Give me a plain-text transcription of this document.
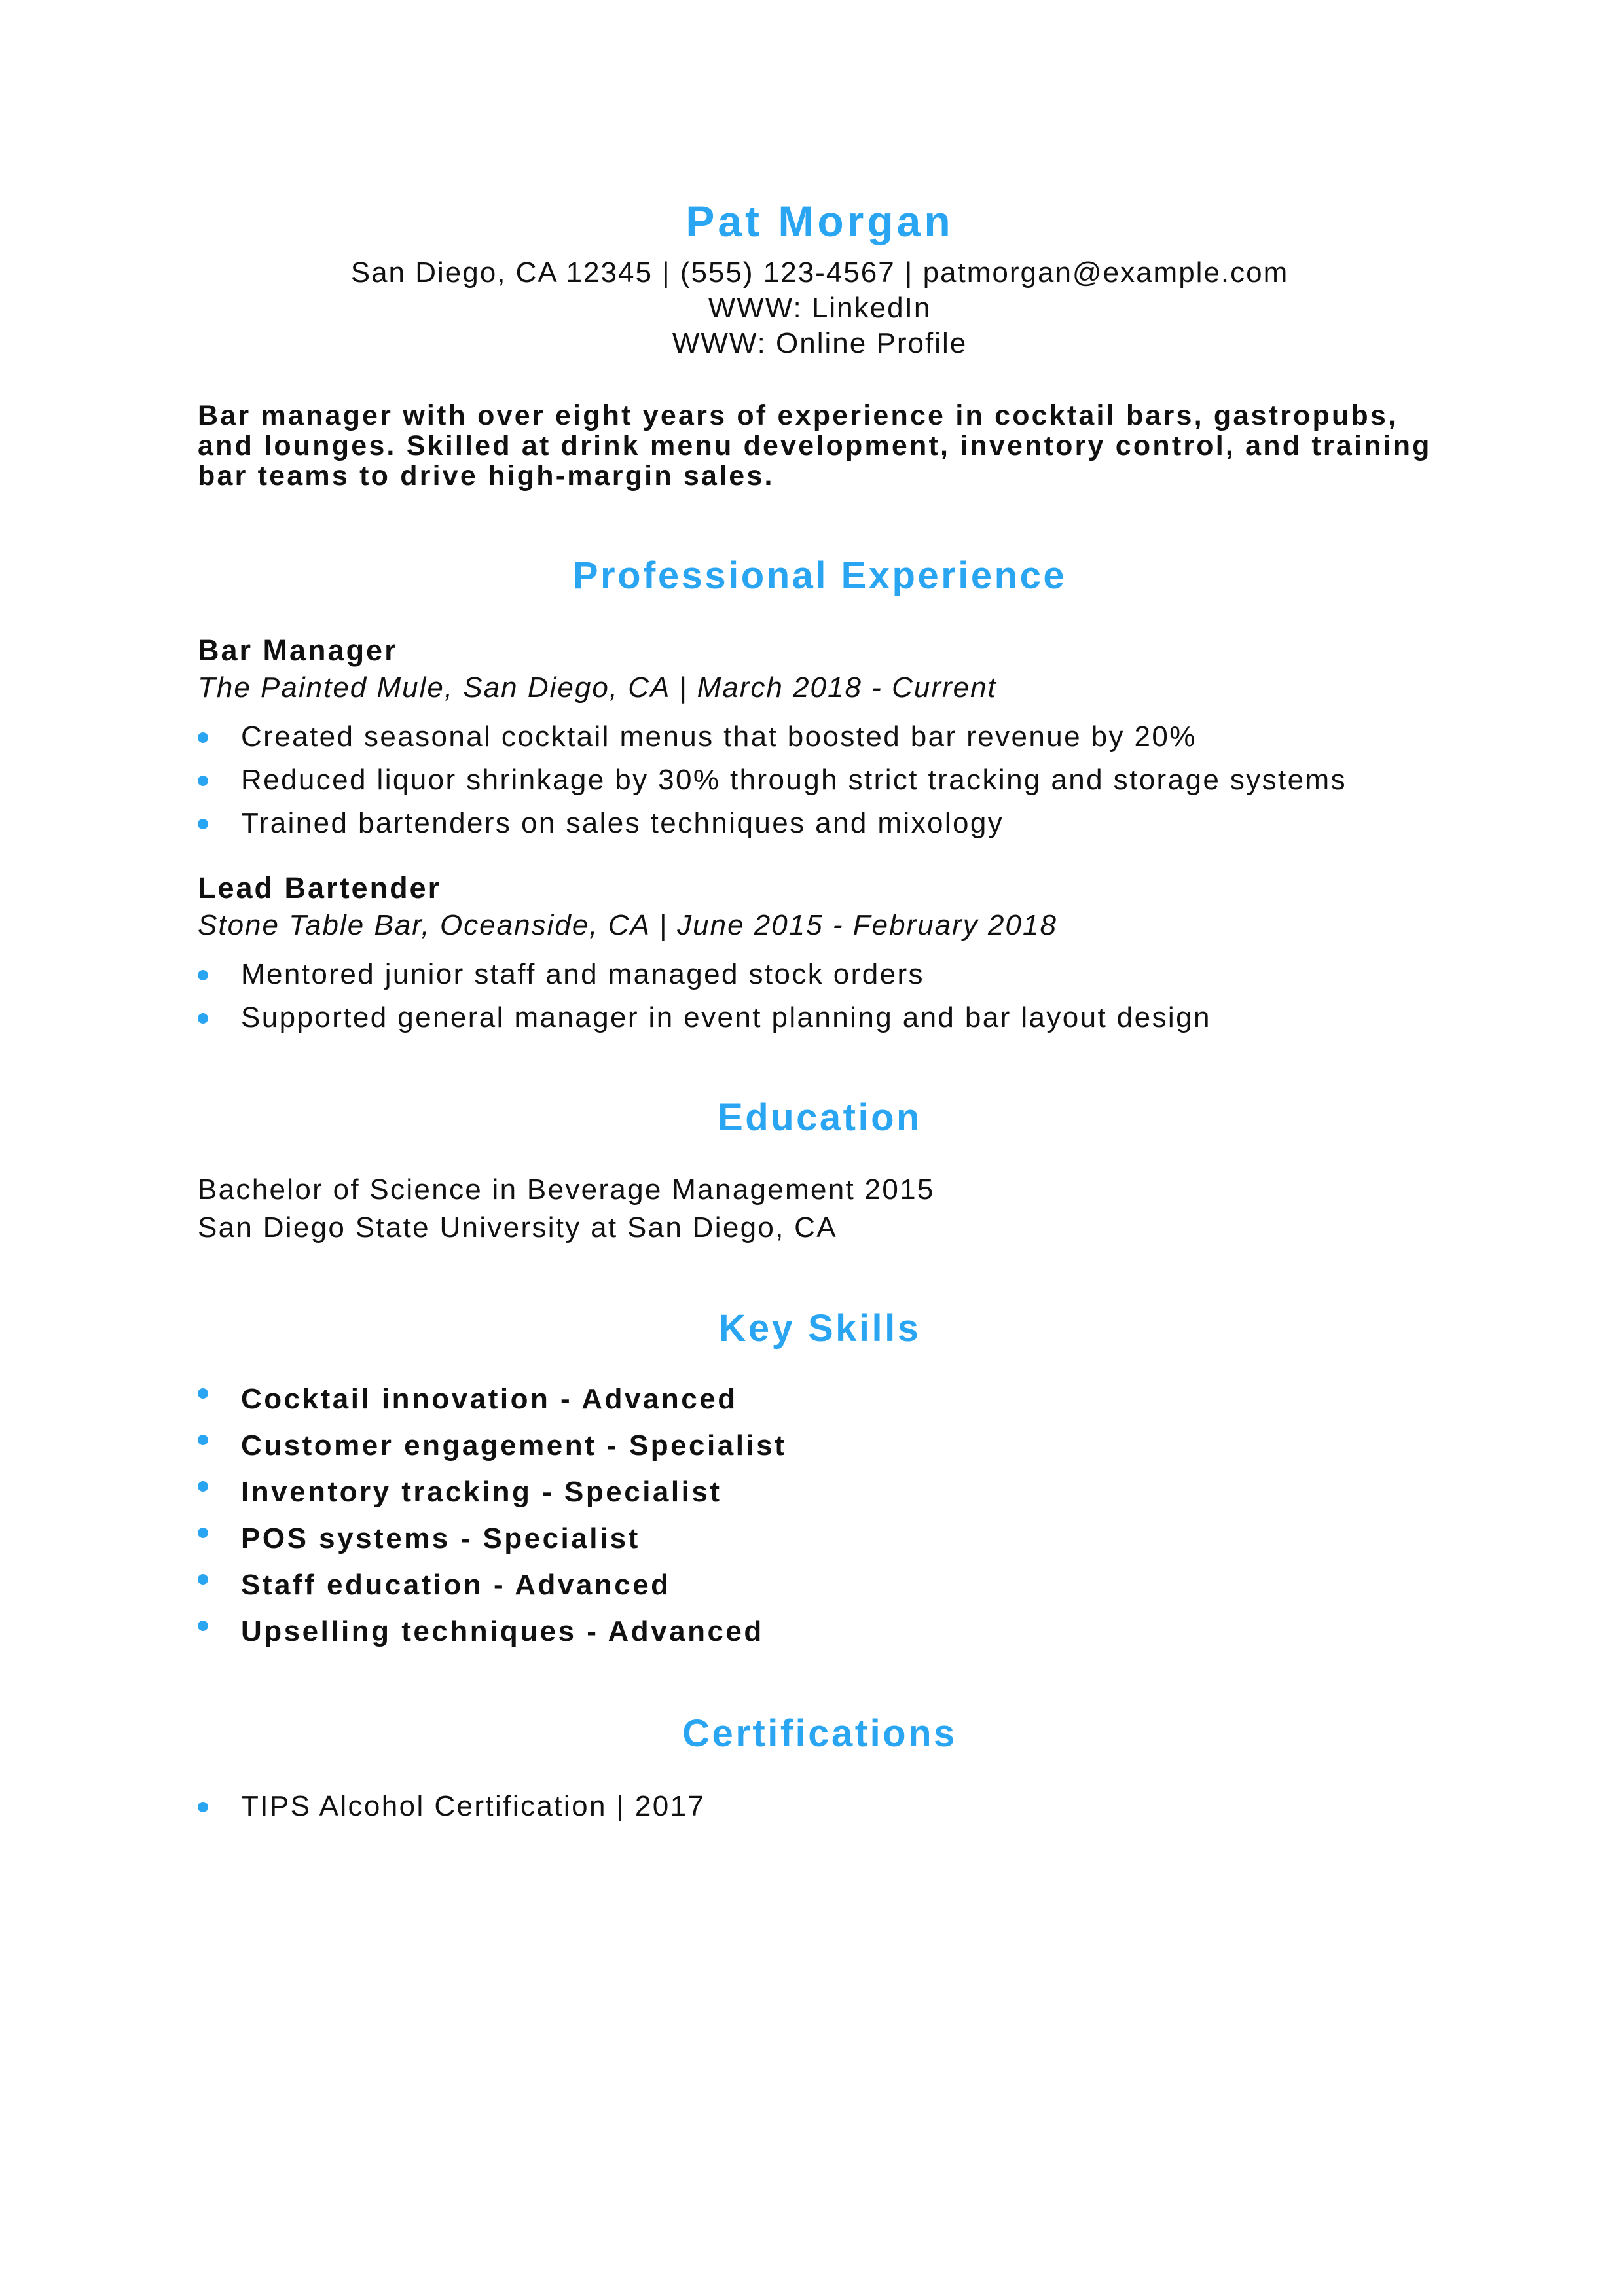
Pat Morgan
San Diego, CA 12345 | (555) 123-4567 | patmorgan@example.com
WWW: LinkedIn
WWW: Online Profile
Bar manager with over eight years of experience in cocktail bars, gastropubs, and lounges. Skilled at drink menu development, inventory control, and training bar teams to drive high-margin sales.
Professional Experience
Bar Manager
The Painted Mule, San Diego, CA | March 2018 - Current
Created seasonal cocktail menus that boosted bar revenue by 20%
Reduced liquor shrinkage by 30% through strict tracking and storage systems
Trained bartenders on sales techniques and mixology
Lead Bartender
Stone Table Bar, Oceanside, CA | June 2015 - February 2018
Mentored junior staff and managed stock orders
Supported general manager in event planning and bar layout design
Education
Bachelor of Science in Beverage Management 2015
San Diego State University at San Diego, CA
Key Skills
Cocktail innovation - Advanced
Customer engagement - Specialist
Inventory tracking - Specialist
POS systems - Specialist
Staff education - Advanced
Upselling techniques - Advanced
Certifications
TIPS Alcohol Certification | 2017
